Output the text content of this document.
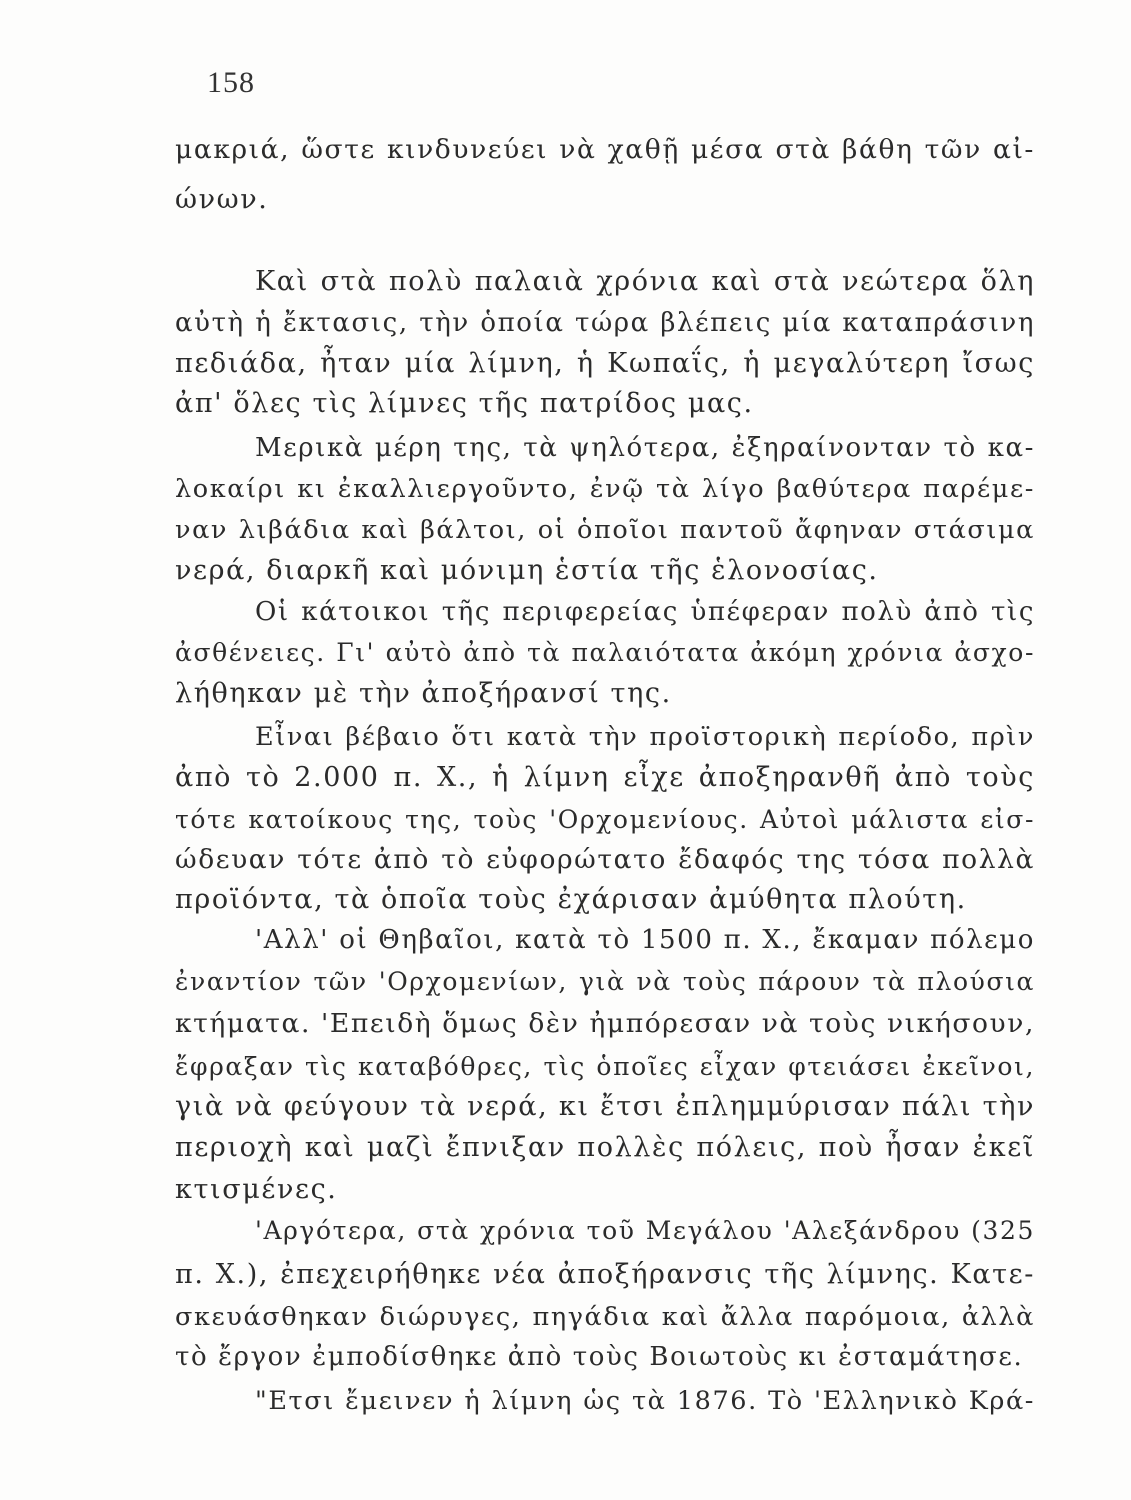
158
μακριά, ὥστε κινδυνεύει νὰ χαθῇ μέσα στὰ βάθη τῶν αἰ-
ώνων.
Καὶ στὰ πολὺ παλαιὰ χρόνια καὶ στὰ νεώτερα ὅλη
αὐτὴ ἡ ἔκτασις, τὴν ὁποία τώρα βλέπεις μία καταπράσινη
πεδιάδα, ἦταν μία λίμνη, ἡ Κωπαΐς, ἡ μεγαλύτερη ἴσως
ἀπ' ὅλες τὶς λίμνες τῆς πατρίδος μας.
Μερικὰ μέρη της, τὰ ψηλότερα, ἐξηραίνονταν τὸ κα-
λοκαίρι κι ἐκαλλιεργοῦντο, ἐνῷ τὰ λίγο βαθύτερα παρέμε-
ναν λιβάδια καὶ βάλτοι, οἱ ὁποῖοι παντοῦ ἄφηναν στάσιμα
νερά, διαρκῆ καὶ μόνιμη ἑστία τῆς ἑλονοσίας.
Οἱ κάτοικοι τῆς περιφερείας ὑπέφεραν πολὺ ἀπὸ τὶς
ἀσθένειες. Γι' αὐτὸ ἀπὸ τὰ παλαιότατα ἀκόμη χρόνια ἀσχο-
λήθηκαν μὲ τὴν ἀποξήρανσί της.
Εἶναι βέβαιο ὅτι κατὰ τὴν προϊστορικὴ περίοδο, πρὶν
ἀπὸ τὸ 2.000 π. Χ., ἡ λίμνη εἶχε ἀποξηρανθῆ ἀπὸ τοὺς
τότε κατοίκους της, τοὺς 'Ορχομενίους. Αὐτοὶ μάλιστα εἰσ-
ώδευαν τότε ἀπὸ τὸ εὐφορώτατο ἔδαφός της τόσα πολλὰ
προϊόντα, τὰ ὁποῖα τοὺς ἐχάρισαν ἀμύθητα πλούτη.
'Αλλ' οἱ Θηβαῖοι, κατὰ τὸ 1500 π. Χ., ἔκαμαν πόλεμο
ἐναντίον τῶν 'Ορχομενίων, γιὰ νὰ τοὺς πάρουν τὰ πλούσια
κτήματα. 'Επειδὴ ὅμως δὲν ἠμπόρεσαν νὰ τοὺς νικήσουν,
ἔφραξαν τὶς καταβόθρες, τὶς ὁποῖες εἶχαν φτειάσει ἐκεῖνοι,
γιὰ νὰ φεύγουν τὰ νερά, κι ἔτσι ἐπλημμύρισαν πάλι τὴν
περιοχὴ καὶ μαζὶ ἔπνιξαν πολλὲς πόλεις, ποὺ ἦσαν ἐκεῖ
κτισμένες.
'Αργότερα, στὰ χρόνια τοῦ Μεγάλου 'Αλεξάνδρου (325
π. Χ.), ἐπεχειρήθηκε νέα ἀποξήρανσις τῆς λίμνης. Κατε-
σκευάσθηκαν διώρυγες, πηγάδια καὶ ἄλλα παρόμοια, ἀλλὰ
τὸ ἔργον ἐμποδίσθηκε ἀπὸ τοὺς Βοιωτοὺς κι ἐσταμάτησε.
"Ετσι ἔμεινεν ἡ λίμνη ὡς τὰ 1876. Τὸ 'Ελληνικὸ Κρά-
